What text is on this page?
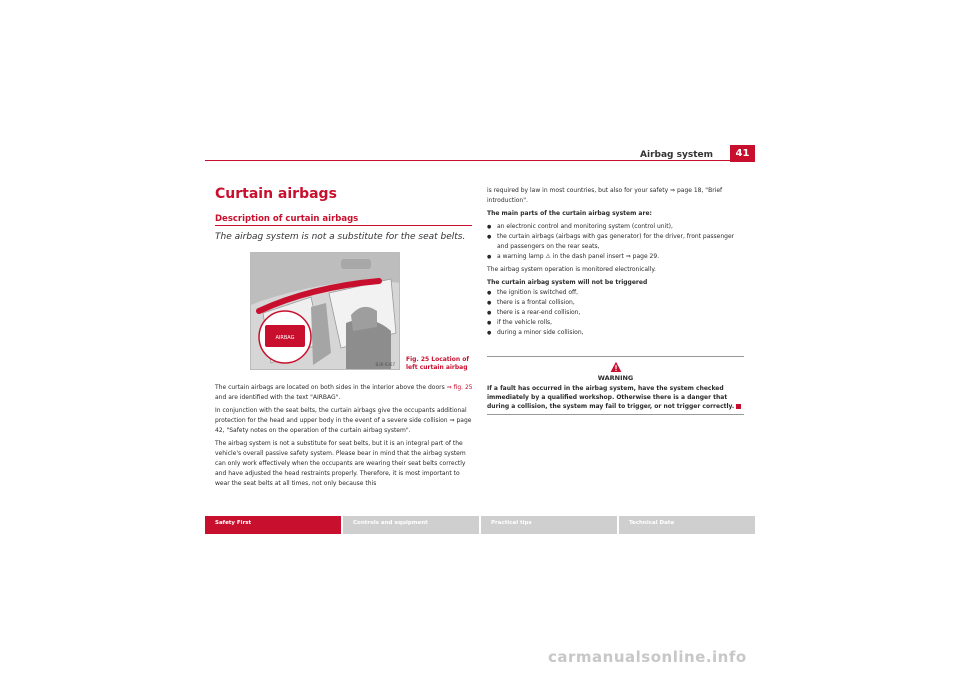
Airbag system	41
Curtain airbags
Description of curtain airbags
The airbag system is not a substitute for the seat belts.
AIRBAG
B3R-0367
Fig. 25 Location of left curtain airbag

The curtain airbags are located on both sides in the interior above the doors ⇒ fig. 25 and are identified with the text "AIRBAG".

In conjunction with the seat belts, the curtain airbags give the occupants additional protection for the head and upper body in the event of a severe side collision ⇒ page 42, "Safety notes on the operation of the curtain airbag system".

The airbag system is not a substitute for seat belts, but it is an integral part of the vehicle's overall passive safety system. Please bear in mind that the airbag system can only work effectively when the occupants are wearing their seat belts correctly and have adjusted the head restraints properly. Therefore, it is most important to wear the seat belts at all times, not only because this

is required by law in most countries, but also for your safety ⇒ page 18, "Brief introduction".

The main parts of the curtain airbag system are:

● an electronic control and monitoring system (control unit),
● the curtain airbags (airbags with gas generator) for the driver, front passenger and passengers on the rear seats,
● a warning lamp ⚠ in the dash panel insert ⇒ page 29.

The airbag system operation is monitored electronically.

The curtain airbag system will not be triggered

● the ignition is switched off,
● there is a frontal collision,
● there is a rear-end collision,
● if the vehicle rolls,
● during a minor side collision,
WARNING
If a fault has occurred in the airbag system, have the system checked immediately by a qualified workshop. Otherwise there is a danger that during a collision, the system may fail to trigger, or not trigger correctly.
Safety First	Controls and equipment	Practical tips	Technical Data
carmanualsonline.info
